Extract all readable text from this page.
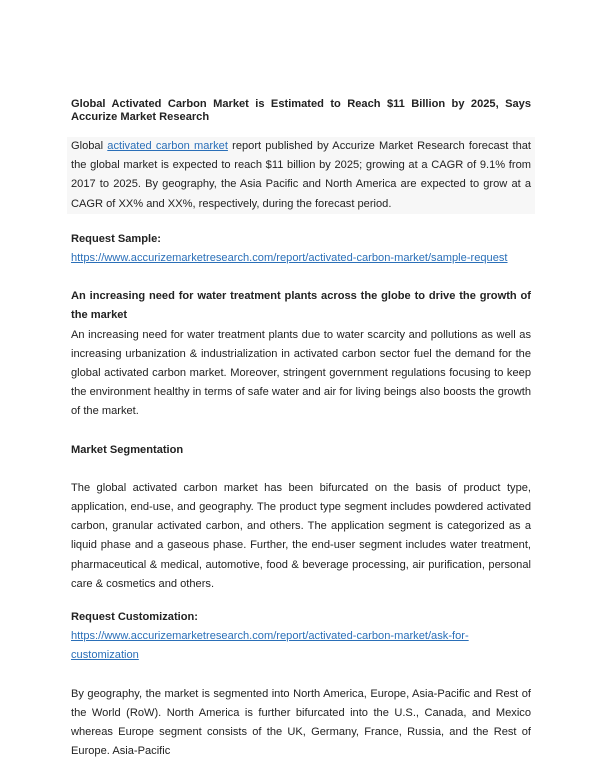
Global Activated Carbon Market is Estimated to Reach $11 Billion by 2025, Says Accurize Market Research

Global activated carbon market report published by Accurize Market Research forecast that the global market is expected to reach $11 billion by 2025; growing at a CAGR of 9.1% from 2017 to 2025. By geography, the Asia Pacific and North America are expected to grow at a CAGR of XX% and XX%, respectively, during the forecast period.

Request Sample:

https://www.accurizemarketresearch.com/report/activated-carbon-market/sample-request

An increasing need for water treatment plants across the globe to drive the growth of the market

An increasing need for water treatment plants due to water scarcity and pollutions as well as increasing urbanization & industrialization in activated carbon sector fuel the demand for the global activated carbon market. Moreover, stringent government regulations focusing to keep the environment healthy in terms of safe water and air for living beings also boosts the growth of the market.

Market Segmentation

The global activated carbon market has been bifurcated on the basis of product type, application, end-use, and geography. The product type segment includes powdered activated carbon, granular activated carbon, and others. The application segment is categorized as a liquid phase and a gaseous phase. Further, the end-user segment includes water treatment, pharmaceutical & medical, automotive, food & beverage processing, air purification, personal care & cosmetics and others.

Request Customization:

https://www.accurizemarketresearch.com/report/activated-carbon-market/ask-for-customization

By geography, the market is segmented into North America, Europe, Asia-Pacific and Rest of the World (RoW). North America is further bifurcated into the U.S., Canada, and Mexico whereas Europe segment consists of the UK, Germany, France, Russia, and the Rest of Europe. Asia-Pacific
